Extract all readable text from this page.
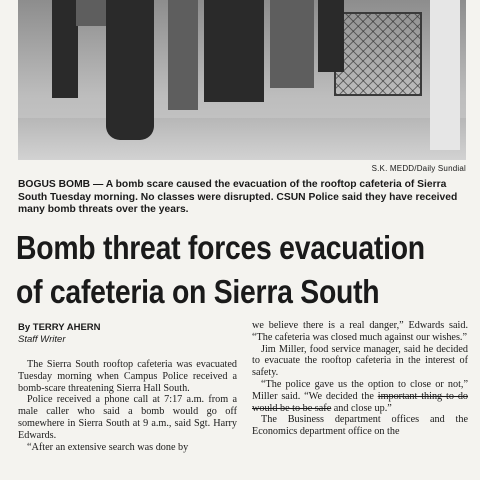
S.K. MEDD/Daily Sundial

BOGUS BOMB — A bomb scare caused the evacuation of the rooftop cafeteria of Sierra South Tuesday morning. No classes were disrupted. CSUN Police said they have received many bomb threats over the years.

Bomb threat forces evacuation
of cafeteria on Sierra South
By TERRY AHERN
Staff Writer

The Sierra South rooftop cafeteria was evacuated Tuesday morning when Campus Police received a bomb-scare threatening Sierra Hall South.

Police received a phone call at 7:17 a.m. from a male caller who said a bomb would go off somewhere in Sierra South at 9 a.m., said Sgt. Harry Edwards.

“After an extensive search was done by

we believe there is a real danger,” Edwards said. “The cafeteria was closed much against our wishes.”

Jim Miller, food service manager, said he decided to evacuate the rooftop cafeteria in the interest of safety.

“The police gave us the option to close or not,” Miller said. “We decided the important thing to do would be to be safe and close up.”

The Business department offices and the Economics department office on the
